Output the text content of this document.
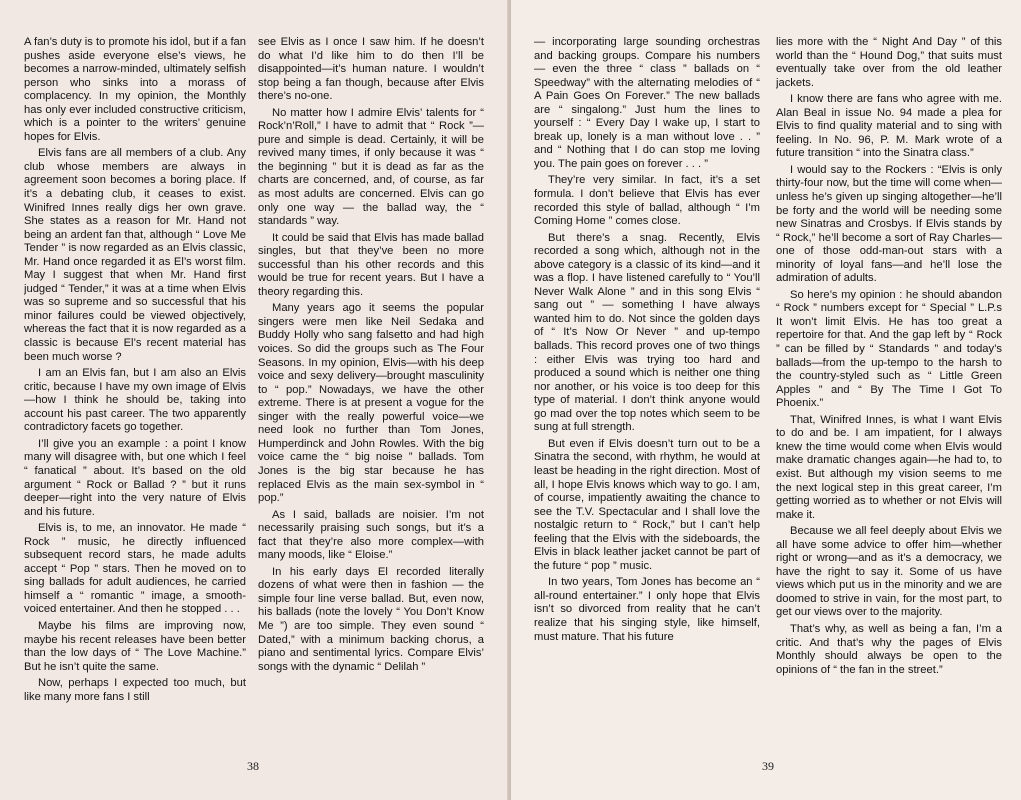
A fan’s duty is to promote his idol, but if a fan pushes aside everyone else’s views, he becomes a narrow-minded, ultimately selfish person who sinks into a morass of complacency. In my opinion, the Monthly has only ever included constructive criticism, which is a pointer to the writers’ genuine hopes for Elvis.

Elvis fans are all members of a club. Any club whose members are always in agreement soon becomes a boring place. If it’s a debating club, it ceases to exist. Winifred Innes really digs her own grave. She states as a reason for Mr. Hand not being an ardent fan that, although “ Love Me Tender ” is now regarded as an Elvis classic, Mr. Hand once regarded it as El’s worst film. May I suggest that when Mr. Hand first judged “ Tender,” it was at a time when Elvis was so supreme and so successful that his minor failures could be viewed objectively, whereas the fact that it is now regarded as a classic is because El’s recent material has been much worse ?

I am an Elvis fan, but I am also an Elvis critic, because I have my own image of Elvis—how I think he should be, taking into account his past career. The two apparently contradictory facets go together.

I’ll give you an example : a point I know many will disagree with, but one which I feel “ fanatical ” about. It’s based on the old argument “ Rock or Ballad ? ” but it runs deeper—right into the very nature of Elvis and his future.

Elvis is, to me, an innovator. He made “ Rock ” music, he directly influenced subsequent record stars, he made adults accept “ Pop ” stars. Then he moved on to sing ballads for adult audiences, he carried himself a “ romantic ” image, a smooth-voiced entertainer. And then he stopped . . .

Maybe his films are improving now, maybe his recent releases have been better than the low days of “ The Love Machine.” But he isn’t quite the same.

Now, perhaps I expected too much, but like many more fans I still

see Elvis as I once I saw him. If he doesn’t do what I’d like him to do then I’ll be disappointed—it’s human nature. I wouldn’t stop being a fan though, because after Elvis there’s no-one.

No matter how I admire Elvis’ talents for “ Rock’n’Roll,” I have to admit that “ Rock ”—pure and simple is dead. Certainly, it will be revived many times, if only because it was “ the beginning ” but it is dead as far as the charts are concerned, and, of course, as far as most adults are concerned. Elvis can go only one way — the ballad way, the “ standards ” way.

It could be said that Elvis has made ballad singles, but that they’ve been no more successful than his other records and this would be true for recent years. But I have a theory regarding this.

Many years ago it seems the popular singers were men like Neil Sedaka and Buddy Holly who sang falsetto and had high voices. So did the groups such as The Four Seasons. In my opinion, Elvis—with his deep voice and sexy delivery—brought masculinity to “ pop.” Nowadays, we have the other extreme. There is at present a vogue for the singer with the really powerful voice—we need look no further than Tom Jones, Humperdinck and John Rowles. With the big voice came the “ big noise ” ballads. Tom Jones is the big star because he has replaced Elvis as the main sex-symbol in “ pop.”

As I said, ballads are noisier. I’m not necessarily praising such songs, but it’s a fact that they’re also more complex—with many moods, like “ Eloise.”

In his early days El recorded literally dozens of what were then in fashion — the simple four line verse ballad. But, even now, his ballads (note the lovely “ You Don’t Know Me ”) are too simple. They even sound “ Dated,” with a minimum backing chorus, a piano and sentimental lyrics. Compare Elvis’ songs with the dynamic “ Delilah ”

38

— incorporating large sounding orchestras and backing groups. Compare his numbers — even the three “ class ” ballads on “ Speedway” with the alternating melodies of “ A Pain Goes On Forever.” The new ballads are “ singalong.” Just hum the lines to yourself : “ Every Day I wake up, I start to break up, lonely is a man without love . . ” and “ Nothing that I do can stop me loving you. The pain goes on forever . . . ”

They’re very similar. In fact, it’s a set formula. I don’t believe that Elvis has ever recorded this style of ballad, although “ I’m Coming Home ” comes close.

But there’s a snag. Recently, Elvis recorded a song which, although not in the above category is a classic of its kind—and it was a flop. I have listened carefully to “ You’ll Never Walk Alone ” and in this song Elvis “ sang out ” — something I have always wanted him to do. Not since the golden days of “ It’s Now Or Never ” and up-tempo ballads. This record proves one of two things : either Elvis was trying too hard and produced a sound which is neither one thing nor another, or his voice is too deep for this type of material. I don’t think anyone would go mad over the top notes which seem to be sung at full strength.

But even if Elvis doesn’t turn out to be a Sinatra the second, with rhythm, he would at least be heading in the right direction. Most of all, I hope Elvis knows which way to go. I am, of course, impatiently awaiting the chance to see the T.V. Spectacular and I shall love the nostalgic return to “ Rock,” but I can’t help feeling that the Elvis with the sideboards, the Elvis in black leather jacket cannot be part of the future “ pop ” music.

In two years, Tom Jones has become an “ all-round entertainer.” I only hope that Elvis isn’t so divorced from reality that he can’t realize that his singing style, like himself, must mature. That his future

lies more with the “ Night And Day ” of this world than the “ Hound Dog,” that suits must eventually take over from the old leather jackets.

I know there are fans who agree with me. Alan Beal in issue No. 94 made a plea for Elvis to find quality material and to sing with feeling. In No. 96, P. M. Mark wrote of a future transition “ into the Sinatra class.”

I would say to the Rockers : “Elvis is only thirty-four now, but the time will come when—unless he’s given up singing altogether—he’ll be forty and the world will be needing some new Sinatras and Crosbys. If Elvis stands by “ Rock,” he’ll become a sort of Ray Charles—one of those odd-man-out stars with a minority of loyal fans—and he’ll lose the admiration of adults.

So here’s my opinion : he should abandon “ Rock ” numbers except for “ Special ” L.P.s It won’t limit Elvis. He has too great a repertoire for that. And the gap left by “ Rock ” can be filled by “ Standards ” and today’s ballads—from the up-tempo to the harsh to the country-styled such as “ Little Green Apples ” and “ By The Time I Got To Phoenix.”

That, Winifred Innes, is what I want Elvis to do and be. I am impatient, for I always knew the time would come when Elvis would make dramatic changes again—he had to, to exist. But although my vision seems to me the next logical step in this great career, I’m getting worried as to whether or not Elvis will make it.

Because we all feel deeply about Elvis we all have some advice to offer him—whether right or wrong—and as it’s a democracy, we have the right to say it. Some of us have views which put us in the minority and we are doomed to strive in vain, for the most part, to get our views over to the majority.

That’s why, as well as being a fan, I’m a critic. And that’s why the pages of Elvis Monthly should always be open to the opinions of “ the fan in the street.”

39
